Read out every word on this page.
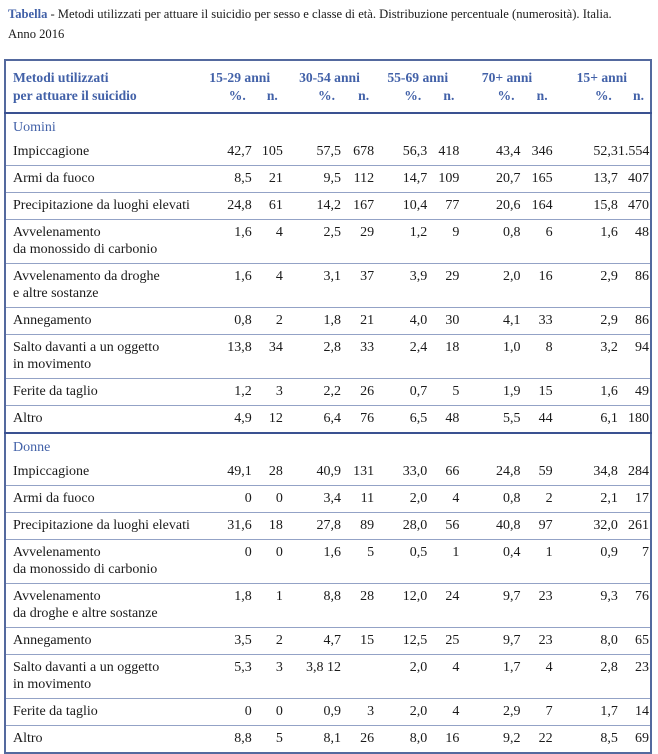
Tabella - Metodi utilizzati per attuare il suicidio per sesso e classe di età. Distribuzione percentuale (numerosità). Italia.
Anno 2016

Metodi utilizzati	15-29 anni		30-54 anni		55-69 anni		70+ anni		15+ anni	
per attuare il suicidio	%.	n.	%.	n.	%.	n.	%.	n.	%.	n.
Uomini										

Impiccagione	42,7	105	57,5	678	56,3	418	43,4	346	52,3	1.554

Armi da fuoco	8,5	21	9,5	112	14,7	109	20,7	165	13,7	407

Precipitazione da luoghi elevati	24,8	61	14,2	167	10,4	77	20,6	164	15,8	470

Avvelenamento
da monossido di carbonio	1,6	4	2,5	29	1,2	9	0,8	6	1,6	48

Avvelenamento da droghe
e altre sostanze	1,6	4	3,1	37	3,9	29	2,0	16	2,9	86

Annegamento	0,8	2	1,8	21	4,0	30	4,1	33	2,9	86

Salto davanti a un oggetto
in movimento	13,8	34	2,8	33	2,4	18	1,0	8	3,2	94

Ferite da taglio	1,2	3	2,2	26	0,7	5	1,9	15	1,6	49

Altro	4,9	12	6,4	76	6,5	48	5,5	44	6,1	180
Donne										

Impiccagione	49,1	28	40,9	131	33,0	66	24,8	59	34,8	284

Armi da fuoco	0	0	3,4	11	2,0	4	0,8	2	2,1	17

Precipitazione da luoghi elevati	31,6	18	27,8	89	28,0	56	40,8	97	32,0	261

Avvelenamento
da monossido di carbonio	0	0	1,6	5	0,5	1	0,4	1	0,9	7

Avvelenamento
da droghe e altre sostanze	1,8	1	8,8	28	12,0	24	9,7	23	9,3	76

Annegamento	3,5	2	4,7	15	12,5	25	9,7	23	8,0	65

Salto davanti a un oggetto
in movimento	5,3	3	3,8 12		2,0	4	1,7	4	2,8	23

Ferite da taglio	0	0	0,9	3	2,0	4	2,9	7	1,7	14

Altro	8,8	5	8,1	26	8,0	16	9,2	22	8,5	69
